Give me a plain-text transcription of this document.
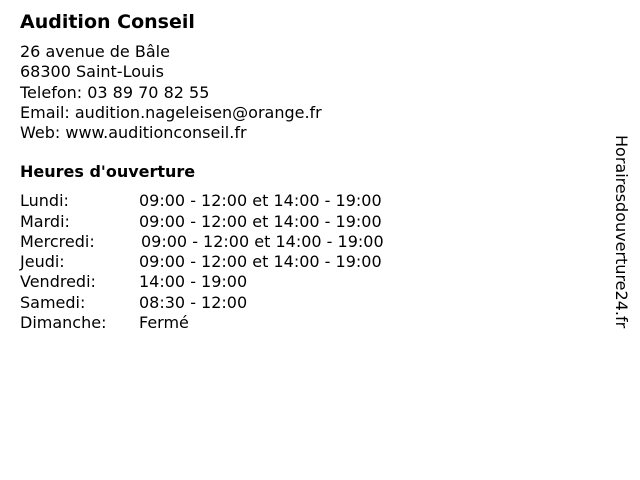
Audition Conseil
26 avenue de Bâle
68300 Saint-Louis
Telefon: 03 89 70 82 55
Email: audition.nageleisen@orange.fr
Web: www.auditionconseil.fr
Heures d'ouverture
Lundi:	09:00 - 12:00 et 14:00 - 19:00
Mardi:	09:00 - 12:00 et 14:00 - 19:00
Mercredi:	09:00 - 12:00 et 14:00 - 19:00
Jeudi:	09:00 - 12:00 et 14:00 - 19:00
Vendredi:	14:00 - 19:00
Samedi:	08:30 - 12:00
Dimanche:	Fermé	Horairesdouverture24.fr
